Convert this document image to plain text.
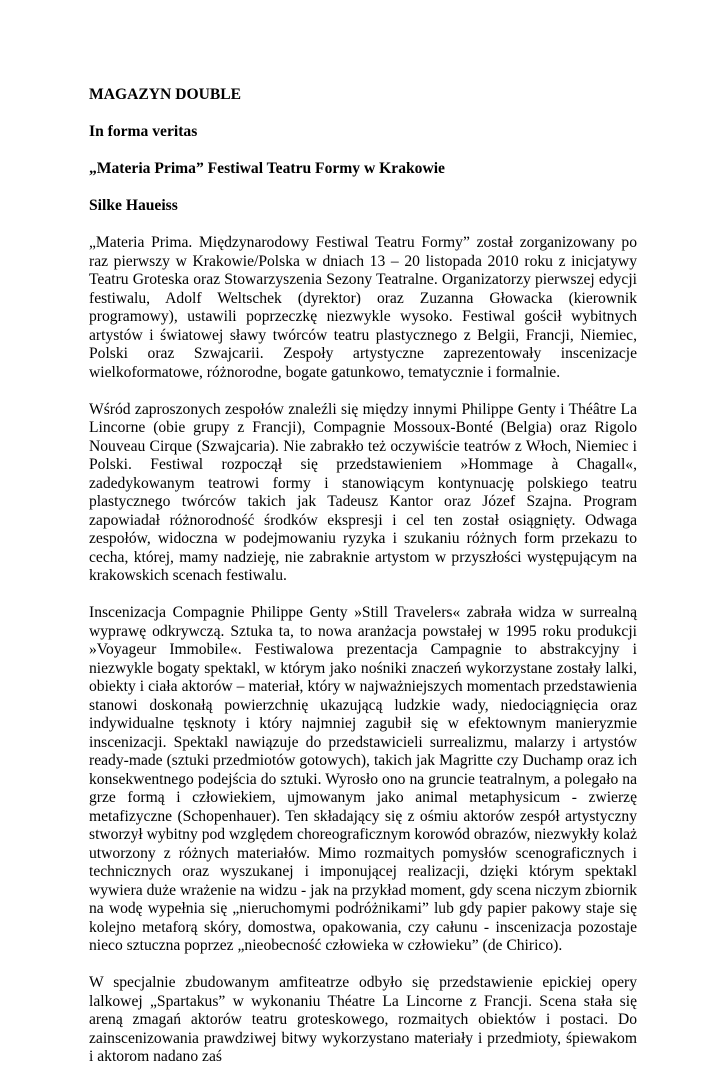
MAGAZYN DOUBLE

In forma veritas

„Materia Prima” Festiwal Teatru Formy w Krakowie

Silke Haueiss

„Materia Prima. Międzynarodowy Festiwal Teatru Formy” został zorganizowany po raz pierwszy w Krakowie/Polska w dniach 13 – 20 listopada 2010 roku z inicjatywy Teatru Groteska oraz Stowarzyszenia Sezony Teatralne. Organizatorzy pierwszej edycji festiwalu, Adolf Weltschek (dyrektor) oraz Zuzanna Głowacka (kierownik programowy), ustawili poprzeczkę niezwykle wysoko. Festiwal gościł wybitnych artystów i światowej sławy twórców teatru plastycznego z Belgii, Francji, Niemiec, Polski oraz Szwajcarii. Zespoły artystyczne zaprezentowały inscenizacje wielkoformatowe, różnorodne, bogate gatunkowo, tematycznie i formalnie.

Wśród zaproszonych zespołów znaleźli się między innymi Philippe Genty i Théâtre La Lincorne (obie grupy z Francji), Compagnie Mossoux-Bonté (Belgia) oraz Rigolo Nouveau Cirque (Szwajcaria). Nie zabrakło też oczywiście teatrów z Włoch, Niemiec i Polski. Festiwal rozpoczął się przedstawieniem »Hommage à Chagall«, zadedykowanym teatrowi formy i stanowiącym kontynuację polskiego teatru plastycznego twórców takich jak Tadeusz Kantor oraz Józef Szajna. Program zapowiadał różnorodność środków ekspresji i cel ten został osiągnięty. Odwaga zespołów, widoczna w podejmowaniu ryzyka i szukaniu różnych form przekazu to cecha, której, mamy nadzieję, nie zabraknie artystom w przyszłości występującym na krakowskich scenach festiwalu.

Inscenizacja Compagnie Philippe Genty »Still Travelers« zabrała widza w surrealną wyprawę odkrywczą. Sztuka ta, to nowa aranżacja powstałej w 1995 roku produkcji »Voyageur Immobile«. Festiwalowa prezentacja Campagnie to abstrakcyjny i niezwykle bogaty spektakl, w którym jako nośniki znaczeń wykorzystane zostały lalki, obiekty i ciała aktorów – materiał, który w najważniejszych momentach przedstawienia stanowi doskonałą powierzchnię ukazującą ludzkie wady, niedociągnięcia oraz indywidualne tęsknoty i który najmniej zagubił się w efektownym manieryzmie inscenizacji. Spektakl nawiązuje do przedstawicieli surrealizmu, malarzy i artystów ready-made (sztuki przedmiotów gotowych), takich jak Magritte czy Duchamp oraz ich konsekwentnego podejścia do sztuki. Wyrosło ono na gruncie teatralnym, a polegało na grze formą i człowiekiem, ujmowanym jako animal metaphysicum - zwierzę metafizyczne (Schopenhauer). Ten składający się z ośmiu aktorów zespół artystyczny stworzył wybitny pod względem choreograficznym korowód obrazów, niezwykły kolaż utworzony z różnych materiałów. Mimo rozmaitych pomysłów scenograficznych i technicznych oraz wyszukanej i imponującej realizacji, dzięki którym spektakl wywiera duże wrażenie na widzu - jak na przykład moment, gdy scena niczym zbiornik na wodę wypełnia się „nieruchomymi podróżnikami” lub gdy papier pakowy staje się kolejno metaforą skóry, domostwa, opakowania, czy całunu - inscenizacja pozostaje nieco sztuczna poprzez „nieobecność człowieka w człowieku” (de Chirico).

W specjalnie zbudowanym amfiteatrze odbyło się przedstawienie epickiej opery lalkowej „Spartakus” w wykonaniu Théatre La Lincorne z Francji. Scena stała się areną zmagań aktorów teatru groteskowego, rozmaitych obiektów i postaci. Do zainscenizowania prawdziwej bitwy wykorzystano materiały i przedmioty, śpiewakom i aktorom nadano zaś
